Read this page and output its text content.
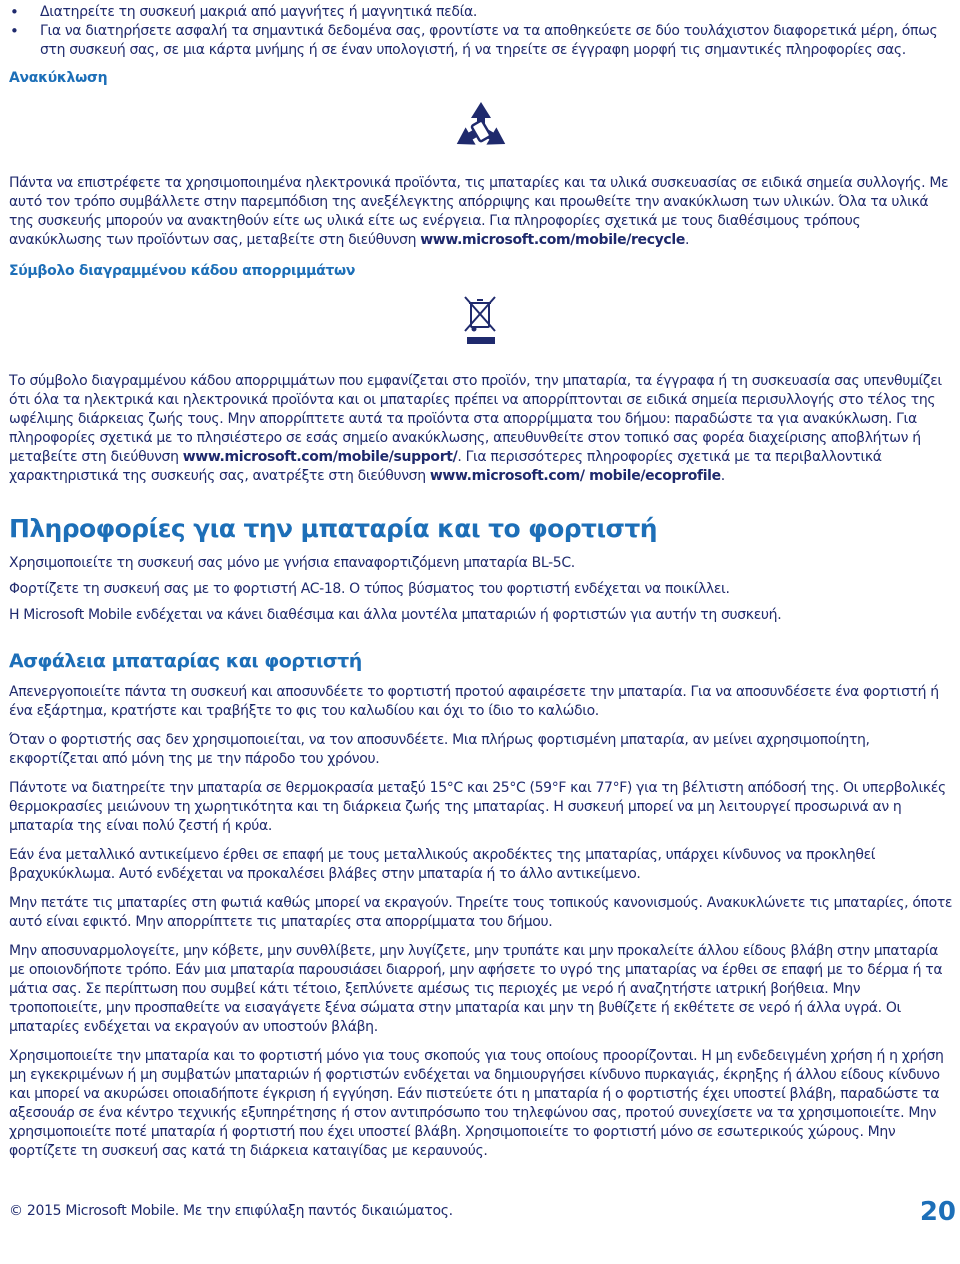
• Διατηρείτε τη συσκευή μακριά από μαγνήτες ή μαγνητικά πεδία.
• Για να διατηρήσετε ασφαλή τα σημαντικά δεδομένα σας, φροντίστε να τα αποθηκεύετε σε δύο τουλάχιστον διαφορετικά μέρη, όπως στη συσκευή σας, σε μια κάρτα μνήμης ή σε έναν υπολογιστή, ή να τηρείτε σε έγγραφη μορφή τις σημαντικές πληροφορίες σας.
Ανακύκλωση

Πάντα να επιστρέφετε τα χρησιμοποιημένα ηλεκτρονικά προϊόντα, τις μπαταρίες και τα υλικά συσκευασίας σε ειδικά σημεία συλλογής. Με αυτό τον τρόπο συμβάλλετε στην παρεμπόδιση της ανεξέλεγκτης απόρριψης και προωθείτε την ανακύκλωση των υλικών. Όλα τα υλικά της συσκευής μπορούν να ανακτηθούν είτε ως υλικά είτε ως ενέργεια. Για πληροφορίες σχετικά με τους διαθέσιμους τρόπους ανακύκλωσης των προϊόντων σας, μεταβείτε στη διεύθυνση www.microsoft.com/mobile/recycle.

Σύμβολο διαγραμμένου κάδου απορριμμάτων

Το σύμβολο διαγραμμένου κάδου απορριμμάτων που εμφανίζεται στο προϊόν, την μπαταρία, τα έγγραφα ή τη συσκευασία σας υπενθυμίζει ότι όλα τα ηλεκτρικά και ηλεκτρονικά προϊόντα και οι μπαταρίες πρέπει να απορρίπτονται σε ειδικά σημεία περισυλλογής στο τέλος της ωφέλιμης διάρκειας ζωής τους. Μην απορρίπτετε αυτά τα προϊόντα στα απορρίμματα του δήμου: παραδώστε τα για ανακύκλωση. Για πληροφορίες σχετικά με το πλησιέστερο σε εσάς σημείο ανακύκλωσης, απευθυνθείτε στον τοπικό σας φορέα διαχείρισης αποβλήτων ή μεταβείτε στη διεύθυνση www.microsoft.com/mobile/support/. Για περισσότερες πληροφορίες σχετικά με τα περιβαλλοντικά χαρακτηριστικά της συσκευής σας, ανατρέξτε στη διεύθυνση www.microsoft.com/ mobile/ecoprofile.

Πληροφορίες για την μπαταρία και το φορτιστή

Χρησιμοποιείτε τη συσκευή σας μόνο με γνήσια επαναφορτιζόμενη μπαταρία BL-5C.

Φορτίζετε τη συσκευή σας με το φορτιστή AC-18. Ο τύπος βύσματος του φορτιστή ενδέχεται να ποικίλλει.

Η Microsoft Mobile ενδέχεται να κάνει διαθέσιμα και άλλα μοντέλα μπαταριών ή φορτιστών για αυτήν τη συσκευή.

Ασφάλεια μπαταρίας και φορτιστή

Απενεργοποιείτε πάντα τη συσκευή και αποσυνδέετε το φορτιστή προτού αφαιρέσετε την μπαταρία. Για να αποσυνδέσετε ένα φορτιστή ή ένα εξάρτημα, κρατήστε και τραβήξτε το φις του καλωδίου και όχι το ίδιο το καλώδιο.

Όταν ο φορτιστής σας δεν χρησιμοποιείται, να τον αποσυνδέετε. Μια πλήρως φορτισμένη μπαταρία, αν μείνει αχρησιμοποίητη, εκφορτίζεται από μόνη της με την πάροδο του χρόνου.

Πάντοτε να διατηρείτε την μπαταρία σε θερμοκρασία μεταξύ 15°C και 25°C (59°F και 77°F) για τη βέλτιστη απόδοσή της. Οι υπερβολικές θερμοκρασίες μειώνουν τη χωρητικότητα και τη διάρκεια ζωής της μπαταρίας. Η συσκευή μπορεί να μη λειτουργεί προσωρινά αν η μπαταρία της είναι πολύ ζεστή ή κρύα.

Εάν ένα μεταλλικό αντικείμενο έρθει σε επαφή με τους μεταλλικούς ακροδέκτες της μπαταρίας, υπάρχει κίνδυνος να προκληθεί βραχυκύκλωμα. Αυτό ενδέχεται να προκαλέσει βλάβες στην μπαταρία ή το άλλο αντικείμενο.

Μην πετάτε τις μπαταρίες στη φωτιά καθώς μπορεί να εκραγούν. Τηρείτε τους τοπικούς κανονισμούς. Ανακυκλώνετε τις μπαταρίες, όποτε αυτό είναι εφικτό. Μην απορρίπτετε τις μπαταρίες στα απορρίμματα του δήμου.

Μην αποσυναρμολογείτε, μην κόβετε, μην συνθλίβετε, μην λυγίζετε, μην τρυπάτε και μην προκαλείτε άλλου είδους βλάβη στην μπαταρία με οποιονδήποτε τρόπο. Εάν μια μπαταρία παρουσιάσει διαρροή, μην αφήσετε το υγρό της μπαταρίας να έρθει σε επαφή με το δέρμα ή τα μάτια σας. Σε περίπτωση που συμβεί κάτι τέτοιο, ξεπλύνετε αμέσως τις περιοχές με νερό ή αναζητήστε ιατρική βοήθεια. Μην τροποποιείτε, μην προσπαθείτε να εισαγάγετε ξένα σώματα στην μπαταρία και μην τη βυθίζετε ή εκθέτετε σε νερό ή άλλα υγρά. Οι μπαταρίες ενδέχεται να εκραγούν αν υποστούν βλάβη.

Χρησιμοποιείτε την μπαταρία και το φορτιστή μόνο για τους σκοπούς για τους οποίους προορίζονται. Η μη ενδεδειγμένη χρήση ή η χρήση μη εγκεκριμένων ή μη συμβατών μπαταριών ή φορτιστών ενδέχεται να δημιουργήσει κίνδυνο πυρκαγιάς, έκρηξης ή άλλου είδους κίνδυνο και μπορεί να ακυρώσει οποιαδήποτε έγκριση ή εγγύηση. Εάν πιστεύετε ότι η μπαταρία ή ο φορτιστής έχει υποστεί βλάβη, παραδώστε τα αξεσουάρ σε ένα κέντρο τεχνικής εξυπηρέτησης ή στον αντιπρόσωπο του τηλεφώνου σας, προτού συνεχίσετε να τα χρησιμοποιείτε. Μην χρησιμοποιείτε ποτέ μπαταρία ή φορτιστή που έχει υποστεί βλάβη. Χρησιμοποιείτε το φορτιστή μόνο σε εσωτερικούς χώρους. Μην φορτίζετε τη συσκευή σας κατά τη διάρκεια καταιγίδας με κεραυνούς.

© 2015 Microsoft Mobile. Με την επιφύλαξη παντός δικαιώματος.	20
